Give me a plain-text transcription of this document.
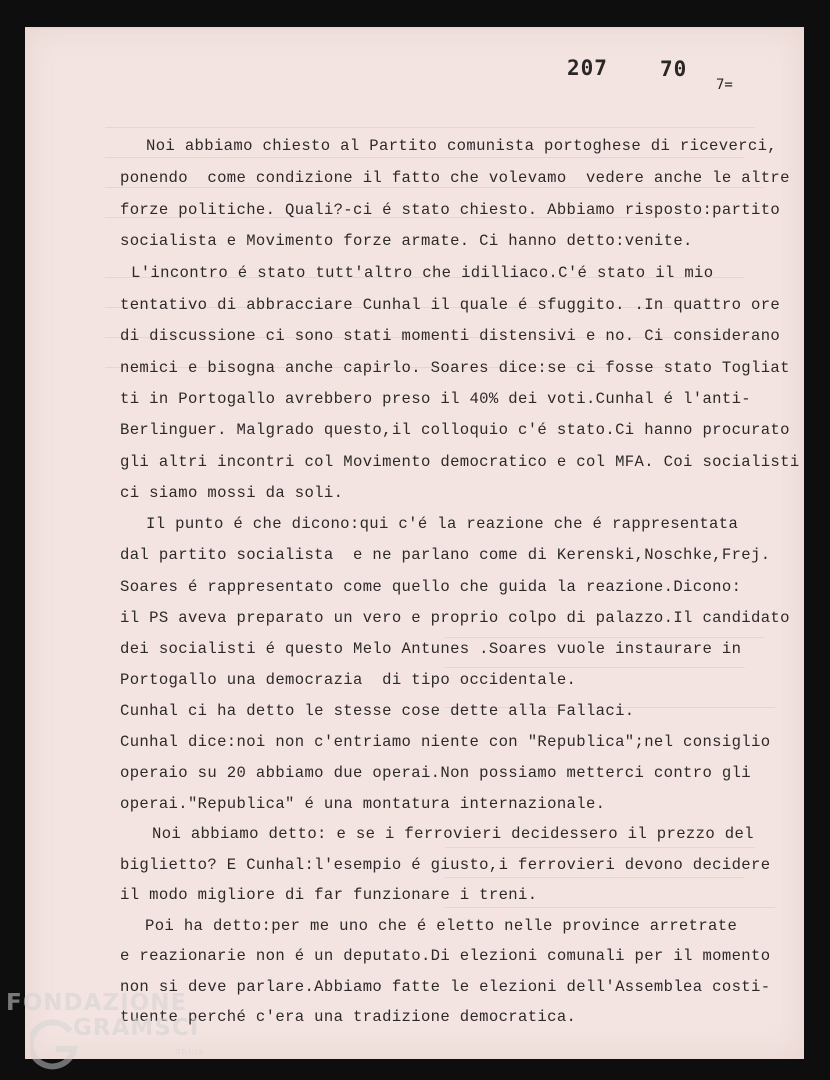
207 70
7=
Noi abbiamo chiesto al Partito comunista portoghese di riceverci,
ponendo  come condizione il fatto che volevamo  vedere anche le altre
forze politiche. Quali?-ci é stato chiesto. Abbiamo risposto:partito
socialista e Movimento forze armate. Ci hanno detto:venite.
L'incontro é stato tutt'altro che idilliaco.C'é stato il mio
tentativo di abbracciare Cunhal il quale é sfuggito. .In quattro ore
di discussione ci sono stati momenti distensivi e no. Ci considerano
nemici e bisogna anche capirlo. Soares dice:se ci fosse stato Togliat
ti in Portogallo avrebbero preso il 40% dei voti.Cunhal é l'anti-
Berlinguer. Malgrado questo,il colloquio c'é stato.Ci hanno procurato
gli altri incontri col Movimento democratico e col MFA. Coi socialisti
ci siamo mossi da soli.
Il punto é che dicono:qui c'é la reazione che é rappresentata
dal partito socialista  e ne parlano come di Kerenski,Noschke,Frej.
Soares é rappresentato come quello che guida la reazione.Dicono:
il PS aveva preparato un vero e proprio colpo di palazzo.Il candidato
dei socialisti é questo Melo Antunes .Soares vuole instaurare in
Portogallo una democrazia  di tipo occidentale.
Cunhal ci ha detto le stesse cose dette alla Fallaci.
Cunhal dice:noi non c'entriamo niente con "Republica";nel consiglio
operaio su 20 abbiamo due operai.Non possiamo metterci contro gli
operai."Republica" é una montatura internazionale.
Noi abbiamo detto: e se i ferrovieri decidessero il prezzo del
biglietto? E Cunhal:l'esempio é giusto,i ferrovieri devono decidere
il modo migliore di far funzionare i treni.
Poi ha detto:per me uno che é eletto nelle province arretrate
e reazionarie non é un deputato.Di elezioni comunali per il momento
non si deve parlare.Abbiamo fatte le elezioni dell'Assemblea costi-
tuente perché c'era una tradizione democratica.
FONDAZIONE
GRAMSCI
onlus
